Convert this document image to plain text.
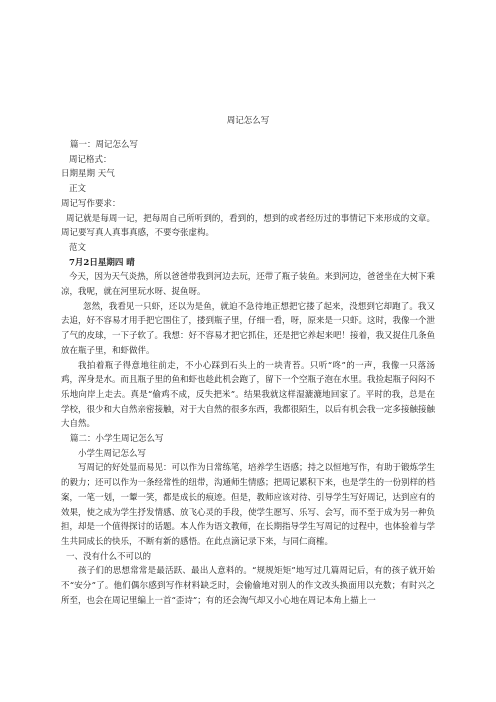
周记怎么写

篇一：周记怎么写

周记格式：

日期星期 天气

正文

周记写作要求：

周记就是每周一记，把每周自己所听到的，看到的，想到的或者经历过的事情记下来形成的文章。周记要写真人真事真感，不要夸张虚构。

范文

7月2日星期四 晴

今天，因为天气炎热，所以爸爸带我到河边去玩，还带了瓶子装鱼。来到河边，爸爸坐在大树下乘凉，我呢，就在河里玩水呀、捉鱼呀。

忽然，我看见一只虾，还以为是鱼，就迫不急待地正想把它搂了起来，没想到它却跑了。我又去追，好不容易才用手把它围住了，搂到瓶子里，仔细一看，呀，原来是一只虾。这时，我像一个泄了气的皮球，一下子软了。我想：好不容易才把它抓住，还是把它养起来吧！接着，我又捉住几条鱼放在瓶子里，和虾做伴。

我拍着瓶子得意地往前走，不小心踩到石头上的一块青苔。只听“咚”的一声，我像一只落汤鸡，浑身是水。而且瓶子里的鱼和虾也趁此机会跑了，留下一个空瓶子泡在水里。我捡起瓶子闷闷不乐地向岸上走去。真是“偷鸡不成，反失把米”。结果我就这样湿漉漉地回家了。平时的我，总是在学校，很少和大自然亲密接触，对于大自然的很多东西，我都很陌生，以后有机会我一定多接触接触大自然。

篇二：小学生周记怎么写

小学生周记怎么写

写周记的好处显而易见：可以作为日常练笔，培养学生语感；持之以恒地写作，有助于锻炼学生的毅力；还可以作为一条经常性的纽带，沟通师生情感；把周记累积下来，也是学生的一份别样的档案，一笔一划，一颦一笑，都是成长的痕迹。但是，教师应该对待、引导学生写好周记，达到应有的效果，使之成为学生抒发情感、放飞心灵的手段，使学生愿写、乐写、会写，而不至于成为另一种负担，却是一个值得探讨的话题。本人作为语文教师，在长期指导学生写周记的过程中，也体验着与学生共同成长的快乐，不断有新的感悟。在此点滴记录下来，与同仁商榷。

一、没有什么不可以的

孩子们的思想常常是最活跃、最出人意料的。“规规矩矩”地写过几篇周记后，有的孩子就开始不“安分”了。他们偶尔感到写作材料缺乏时，会偷偷地对别人的作文改头换面用以充数；有时兴之所至，也会在周记里编上一首“歪诗”；有的还会淘气却又小心地在周记本角上描上一
